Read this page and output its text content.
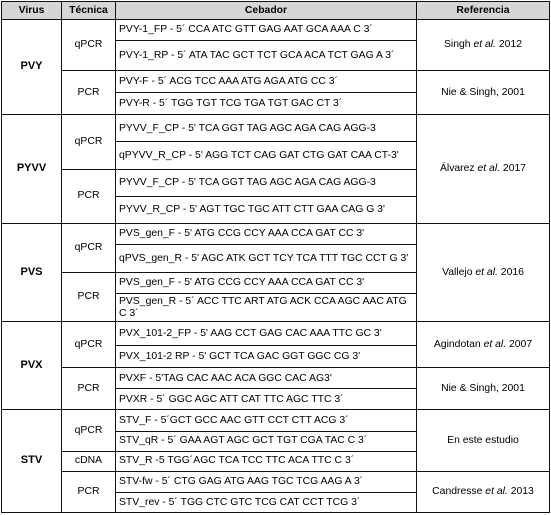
Virus	Técnica	Cebador	Referencia
PVY	qPCR	PVY-1_FP - 5´ CCA ATC GTT GAG AAT GCA AAA C 3´	Singh et al. 2012
		PVY-1_RP - 5´ ATA TAC GCT TCT GCA ACA TCT GAG A 3´	
	PCR	PVY-F - 5´ ACG TCC AAA ATG AGA ATG CC 3´	Nie & Singh, 2001
		PVY-R - 5´ TGG TGT TCG TGA TGT GAC CT 3´	
PYVV	qPCR	PYVV_F_CP - 5' TCA GGT TAG AGC AGA CAG AGG-3	Álvarez et al. 2017
		qPYVV_R_CP - 5' AGG TCT CAG GAT CTG GAT CAA CT-3'	
	PCR	PYVV_F_CP - 5' TCA GGT TAG AGC AGA CAG AGG-3	
		PYVV_R_CP - 5' AGT TGC TGC ATT CTT GAA CAG G 3'	
PVS	qPCR	PVS_gen_F - 5' ATG CCG CCY AAA CCA GAT CC 3'	Vallejo et al. 2016
		qPVS_gen_R - 5' AGC ATK GCT TCY TCA TTT TGC CCT G 3'	
	PCR	PVS_gen_F - 5' ATG CCG CCY AAA CCA GAT CC 3'	
		PVS_gen_R - 5´ ACC TTC ART ATG ACK CCA AGC AAC ATG C 3´	
PVX	qPCR	PVX_101-2_FP - 5' AAG CCT GAG CAC AAA TTC GC 3'	Agindotan et al. 2007
		PVX_101-2 RP - 5' GCT TCA GAC GGT GGC CG 3'	
	PCR	PVXF - 5'TAG CAC AAC ACA GGC CAC AG3'	Nie & Singh, 2001
		PVXR - 5´ GGC AGC ATT CAT TTC AGC TTC 3´	
STV	qPCR	STV_F - 5´GCT GCC AAC GTT CCT CTT ACG 3´	En este estudio
		STV_qR - 5´ GAA AGT AGC GCT TGT CGA TAC C 3´	
	cDNA	STV_R -5 TGG´AGC TCA TCC TTC ACA TTC C 3´	
	PCR	STV-fw - 5´ CTG GAG ATG AAG TGC TCG AAG A 3´	Candresse et al. 2013
		STV_rev - 5´ TGG CTC GTC TCG CAT CCT TCG 3´	
